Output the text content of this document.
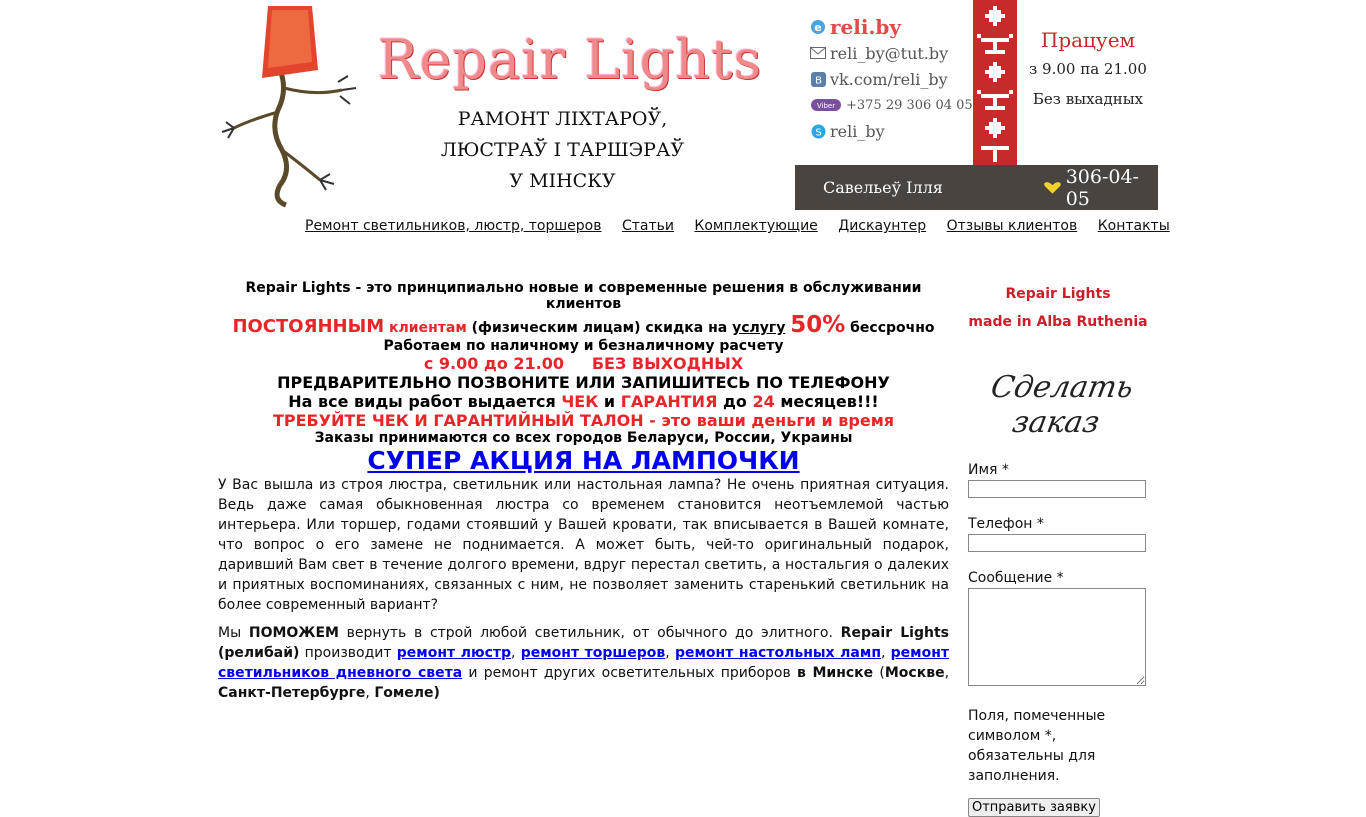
Repair Lights
РАМОНТ ЛІХТАРОЎ,
ЛЮСТРАЎ І ТАРШЭРАЎ
У МІНСКУ
e reli.by
reli_by@tut.by
В vk.com/reli_by
Viber +375 29 306 04 05
S reli_by
Працуем
з 9.00 па 21.00
Без выхадных
Савельеў Ілля	306-04-05
Ремонт светильников, люстр, торшеров Статьи Комплектующие Дискаунтер Отзывы клиентов Контакты

Repair Lights - это принципиально новые и современные решения в обслуживании клиентов

ПОСТОЯННЫМ клиентам (физическим лицам) скидка на услугу 50% бессрочно

Работаем по наличному и безналичному расчету

с 9.00 до 21.00     БЕЗ ВЫХОДНЫХ

ПРЕДВАРИТЕЛЬНО ПОЗВОНИТЕ ИЛИ ЗАПИШИТЕСЬ ПО ТЕЛЕФОНУ

На все виды работ выдается ЧЕК и ГАРАНТИЯ до 24 месяцев!!!

ТРЕБУЙТЕ ЧЕК И ГАРАНТИЙНЫЙ ТАЛОН - это ваши деньги и время

Заказы принимаются со всех городов Беларуси, России, Украины

СУПЕР АКЦИЯ НА ЛАМПОЧКИ

У Вас вышла из строя люстра, светильник или настольная лампа? Не очень приятная ситуация. Ведь даже самая обыкновенная люстра со временем становится неотъемлемой частью интерьера. Или торшер, годами стоявший у Вашей кровати, так вписывается в Вашей комнате, что вопрос о его замене не поднимается. А может быть, чей-то оригинальный подарок, даривший Вам свет в течение долгого времени, вдруг перестал светить, а ностальгия о далеких и приятных воспоминаниях, связанных с ним, не позволяет заменить старенький светильник на более современный вариант?

Мы ПОМОЖЕМ вернуть в строй любой светильник, от обычного до элитного. Repair Lights (релибай) производит ремонт люстр, ремонт торшеров, ремонт настольных ламп, ремонт светильников дневного света и ремонт других осветительных приборов в Минске (Москве, Санкт-Петербурге, Гомеле)

Repair Lights
made in Alba Ruthenia
Сделать заказ
Имя *
Телефон *
Сообщение *
Поля, помеченные символом *, обязательны для заполнения.
Отправить заявку
